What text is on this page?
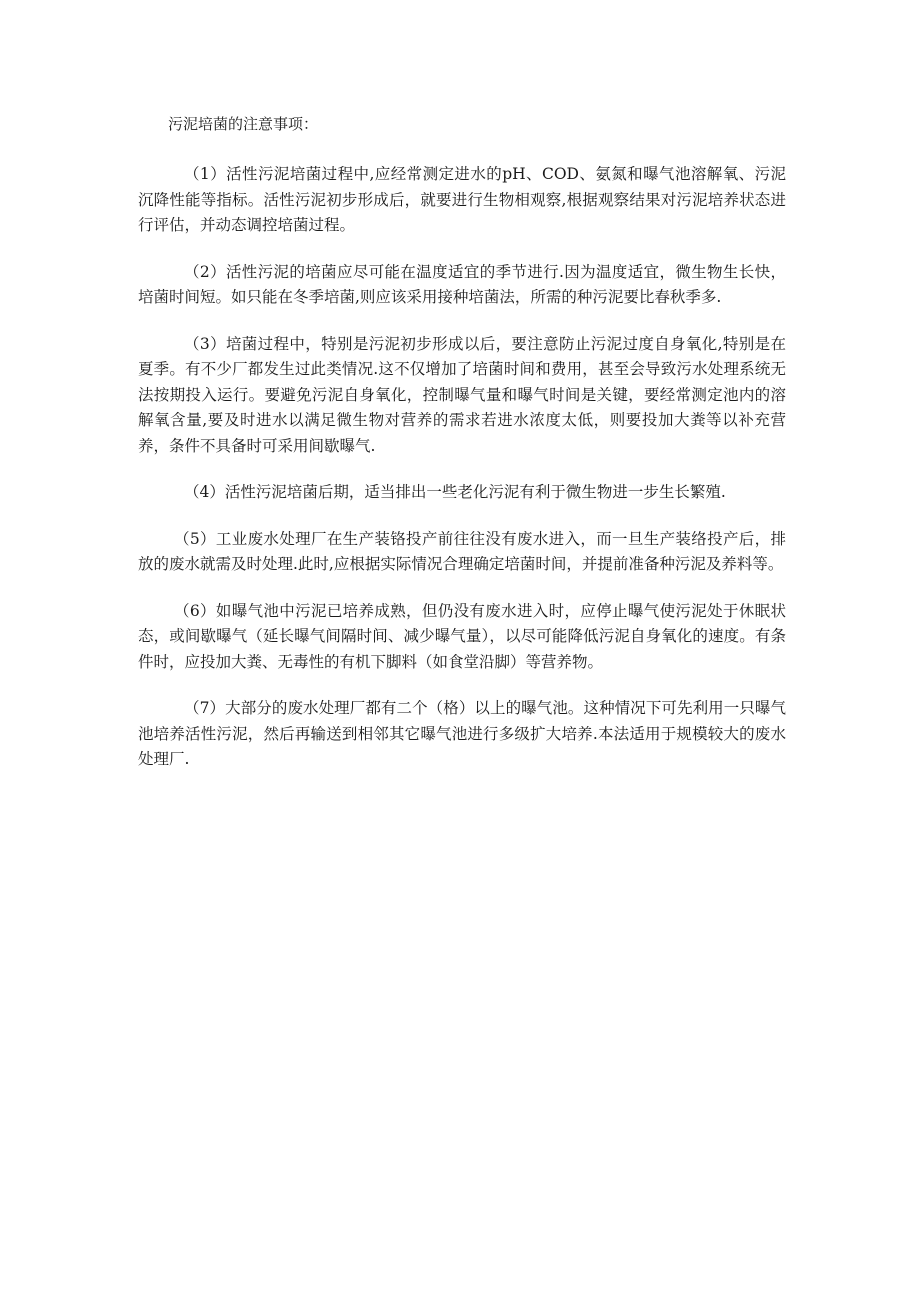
污泥培菌的注意事项：

（1）活性污泥培菌过程中,应经常测定进水的pH、COD、氨氮和曝气池溶解氧、污泥沉降性能等指标。活性污泥初步形成后，就要进行生物相观察,根据观察结果对污泥培养状态进行评估，并动态调控培菌过程。

（2）活性污泥的培菌应尽可能在温度适宜的季节进行.因为温度适宜，微生物生长快，培菌时间短。如只能在冬季培菌,则应该采用接种培菌法，所需的种污泥要比春秋季多.

（3）培菌过程中，特别是污泥初步形成以后，要注意防止污泥过度自身氧化,特别是在夏季。有不少厂都发生过此类情况.这不仅增加了培菌时间和费用，甚至会导致污水处理系统无法按期投入运行。要避免污泥自身氧化，控制曝气量和曝气时间是关键，要经常测定池内的溶解氧含量,要及时进水以满足微生物对营养的需求若进水浓度太低，则要投加大粪等以补充营养，条件不具备时可采用间歇曝气.

（4）活性污泥培菌后期，适当排出一些老化污泥有利于微生物进一步生长繁殖.

（5）工业废水处理厂在生产装铬投产前往往没有废水进入，而一旦生产装络投产后，排放的废水就需及时处理.此时,应根据实际情况合理确定培菌时间，并提前准备种污泥及养料等。

（6）如曝气池中污泥已培养成熟，但仍没有废水进入时，应停止曝气使污泥处于休眠状态，或间歇曝气（延长曝气间隔时间、减少曝气量），以尽可能降低污泥自身氧化的速度。有条件时，应投加大粪、无毒性的有机下脚料（如食堂沿脚）等营养物。

（7）大部分的废水处理厂都有二个（格）以上的曝气池。这种情况下可先利用一只曝气池培养活性污泥，然后再输送到相邻其它曝气池进行多级扩大培养.本法适用于规模较大的废水处理厂.
